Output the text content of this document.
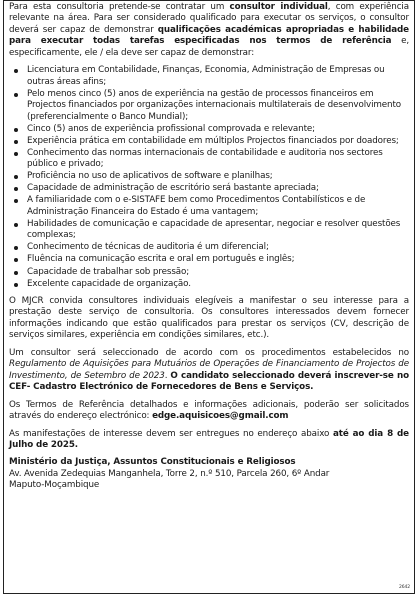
Para esta consultoria pretende-se contratar um consultor individual, com experiência relevante na área. Para ser considerado qualificado para executar os serviços, o consultor deverá ser capaz de demonstrar qualificações académicas apropriadas e habilidade para executar todas tarefas especificadas nos termos de referência e, especificamente, ele / ela deve ser capaz de demonstrar:

Licenciatura em Contabilidade, Finanças, Economia, Administração de Empresas ou outras áreas afins;
Pelo menos cinco (5) anos de experiência na gestão de processos financeiros em Projectos financiados por organizações internacionais multilaterais de desenvolvimento (preferencialmente o Banco Mundial);
Cinco (5) anos de experiência profissional comprovada e relevante;
Experiência prática em contabilidade em múltiplos Projectos financiados por doadores;
Conhecimento das normas internacionais de contabilidade e auditoria nos sectores público e privado;
Proficiência no uso de aplicativos de software e planilhas;
Capacidade de administração de escritório será bastante apreciada;
A familiaridade com o e-SISTAFE bem como Procedimentos Contabilísticos e de Administração Financeira do Estado é uma vantagem;
Habilidades de comunicação e capacidade de apresentar, negociar e resolver questões complexas;
Conhecimento de técnicas de auditoria é um diferencial;
Fluência na comunicação escrita e oral em português e inglês;
Capacidade de trabalhar sob pressão;
Excelente capacidade de organização.

O MJCR convida consultores individuais elegíveis a manifestar o seu interesse para a prestação deste serviço de consultoria. Os consultores interessados devem fornecer informações indicando que estão qualificados para prestar os serviços (CV, descrição de serviços similares, experiência em condições similares, etc.).

Um consultor será seleccionado de acordo com os procedimentos estabelecidos no Regulamento de Aquisições para Mutuários de Operações de Financiamento de Projectos de Investimento, de Setembro de 2023. O candidato seleccionado deverá inscrever-se no CEF- Cadastro Electrónico de Fornecedores de Bens e Serviços.

Os Termos de Referência detalhados e informações adicionais, poderão ser solicitados através do endereço electrónico: edge.aquisicoes@gmail.com

As manifestações de interesse devem ser entregues no endereço abaixo até ao dia 8 de Julho de 2025.

Ministério da Justiça, Assuntos Constitucionais e Religiosos
Av. Avenida Zedequias Manganhela, Torre 2, n.º 510, Parcela 260, 6º Andar
Maputo-Moçambique
2642
